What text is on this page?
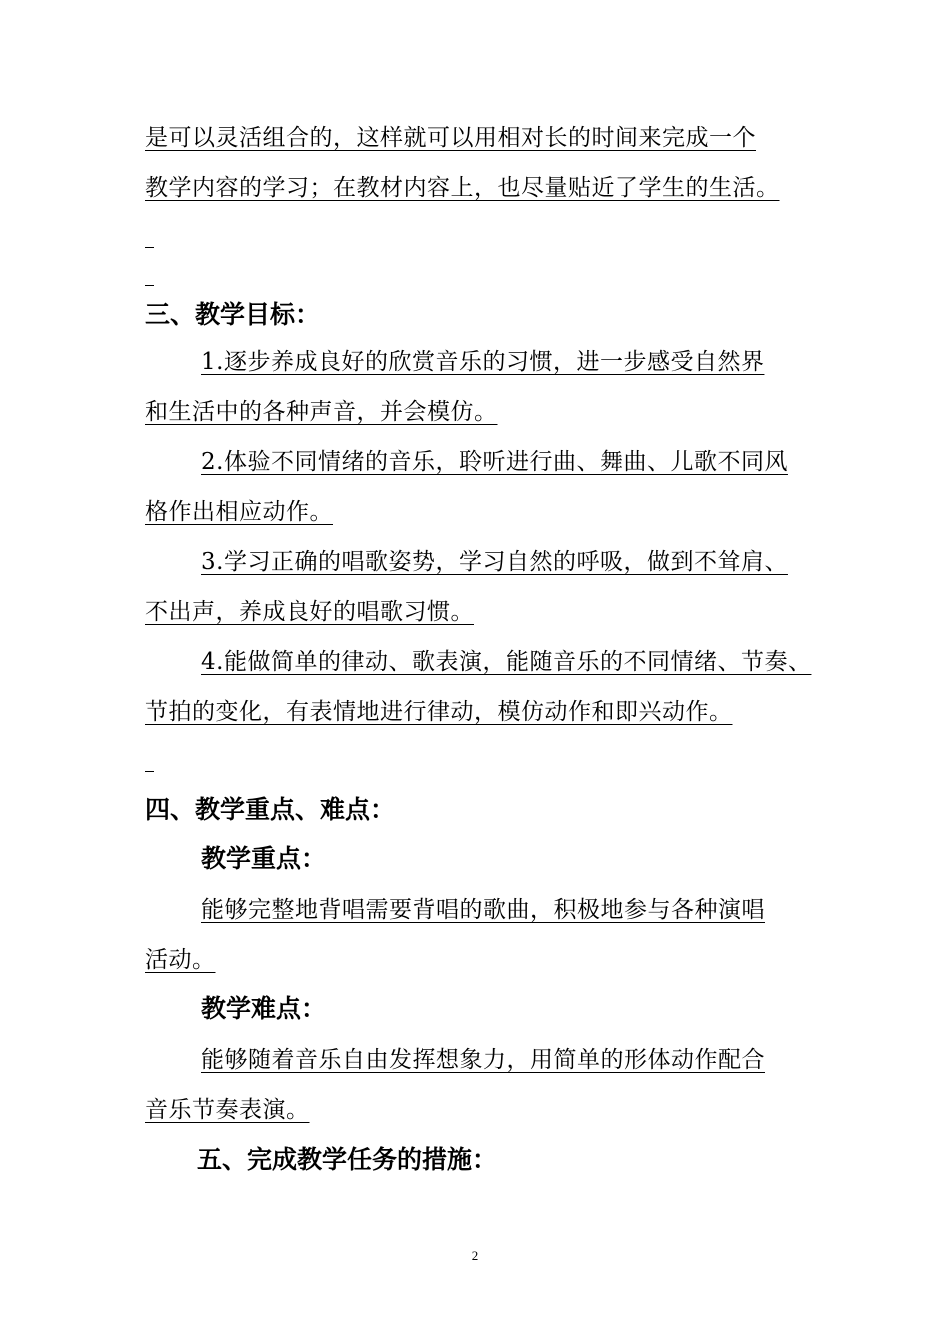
是可以灵活组合的，这样就可以用相对长的时间来完成一个
教学内容的学习；在教材内容上，也尽量贴近了学生的生活。
三、教学目标：
1.逐步养成良好的欣赏音乐的习惯，进一步感受自然界
和生活中的各种声音，并会模仿。
2.体验不同情绪的音乐，聆听进行曲、舞曲、儿歌不同风
格作出相应动作。
3.学习正确的唱歌姿势，学习自然的呼吸，做到不耸肩、
不出声，养成良好的唱歌习惯。
4.能做简单的律动、歌表演，能随音乐的不同情绪、节奏、
节拍的变化，有表情地进行律动，模仿动作和即兴动作。
四、教学重点、难点：
教学重点：
能够完整地背唱需要背唱的歌曲，积极地参与各种演唱
活动。
教学难点：
能够随着音乐自由发挥想象力，用简单的形体动作配合
音乐节奏表演。
五、完成教学任务的措施：
2
